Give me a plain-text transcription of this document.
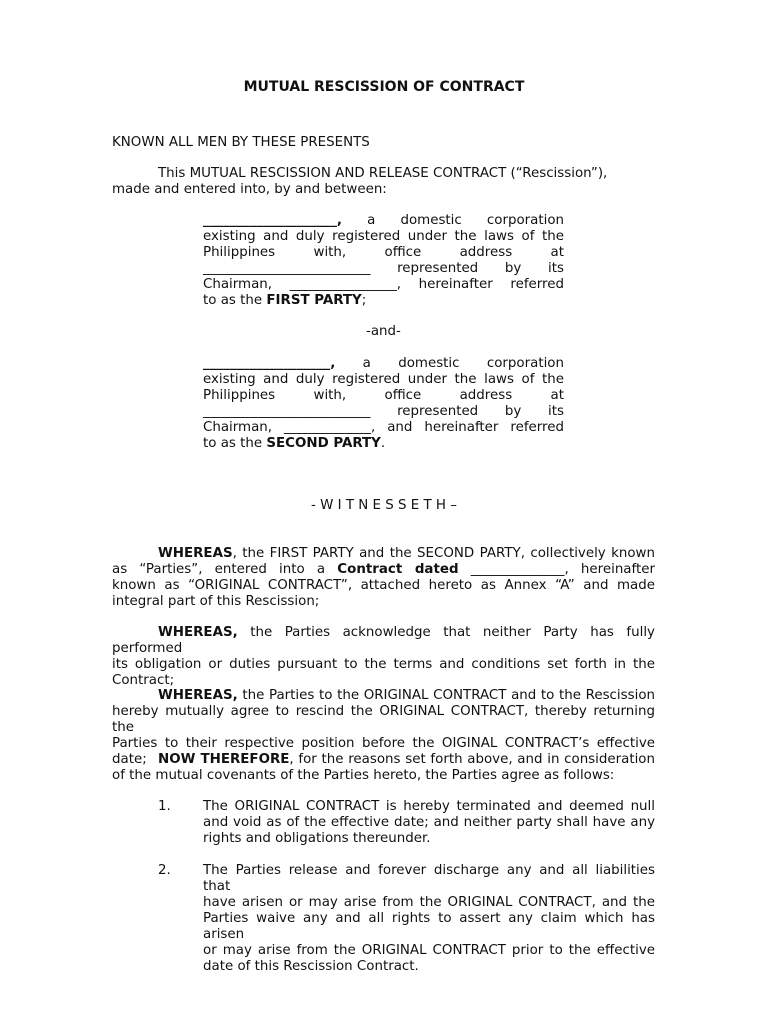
MUTUAL RESCISSION OF CONTRACT
KNOWN ALL MEN BY THESE PRESENTS
This MUTUAL RESCISSION AND RELEASE CONTRACT (“Rescission”),
made and entered into, by and between:
____________________, a domestic corporation
existing and duly registered under the laws of the
Philippines with, office address at
_________________________ represented by its
Chairman, ________________, hereinafter referred
to as the FIRST PARTY;
-and-
___________________, a domestic corporation
existing and duly registered under the laws of the
Philippines with, office address at
_________________________ represented by its
Chairman, _____________, and hereinafter referred
to as the SECOND PARTY.
- W I T N E S S E T H –
WHEREAS, the FIRST PARTY and the SECOND PARTY, collectively known
as “Parties”, entered into a Contract dated ______________, hereinafter
known as “ORIGINAL CONTRACT”, attached hereto as Annex “A” and made
integral part of this Rescission;
WHEREAS, the Parties acknowledge that neither Party has fully performed
its obligation or duties pursuant to the terms and conditions set forth in the
Contract;
WHEREAS, the Parties to the ORIGINAL CONTRACT and to the Rescission
hereby mutually agree to rescind the ORIGINAL CONTRACT, thereby returning the
Parties to their respective position before the OIGINAL CONTRACT’s effective date; NOW THEREFORE, for the reasons set forth above, and in consideration
of the mutual covenants of the Parties hereto, the Parties agree as follows:
1.	The ORIGINAL CONTRACT is hereby terminated and deemed null
and void as of the effective date; and neither party shall have any
rights and obligations thereunder.
2.	The Parties release and forever discharge any and all liabilities that
have arisen or may arise from the ORIGINAL CONTRACT, and the
Parties waive any and all rights to assert any claim which has arisen
or may arise from the ORIGINAL CONTRACT prior to the effective
date of this Rescission Contract.
